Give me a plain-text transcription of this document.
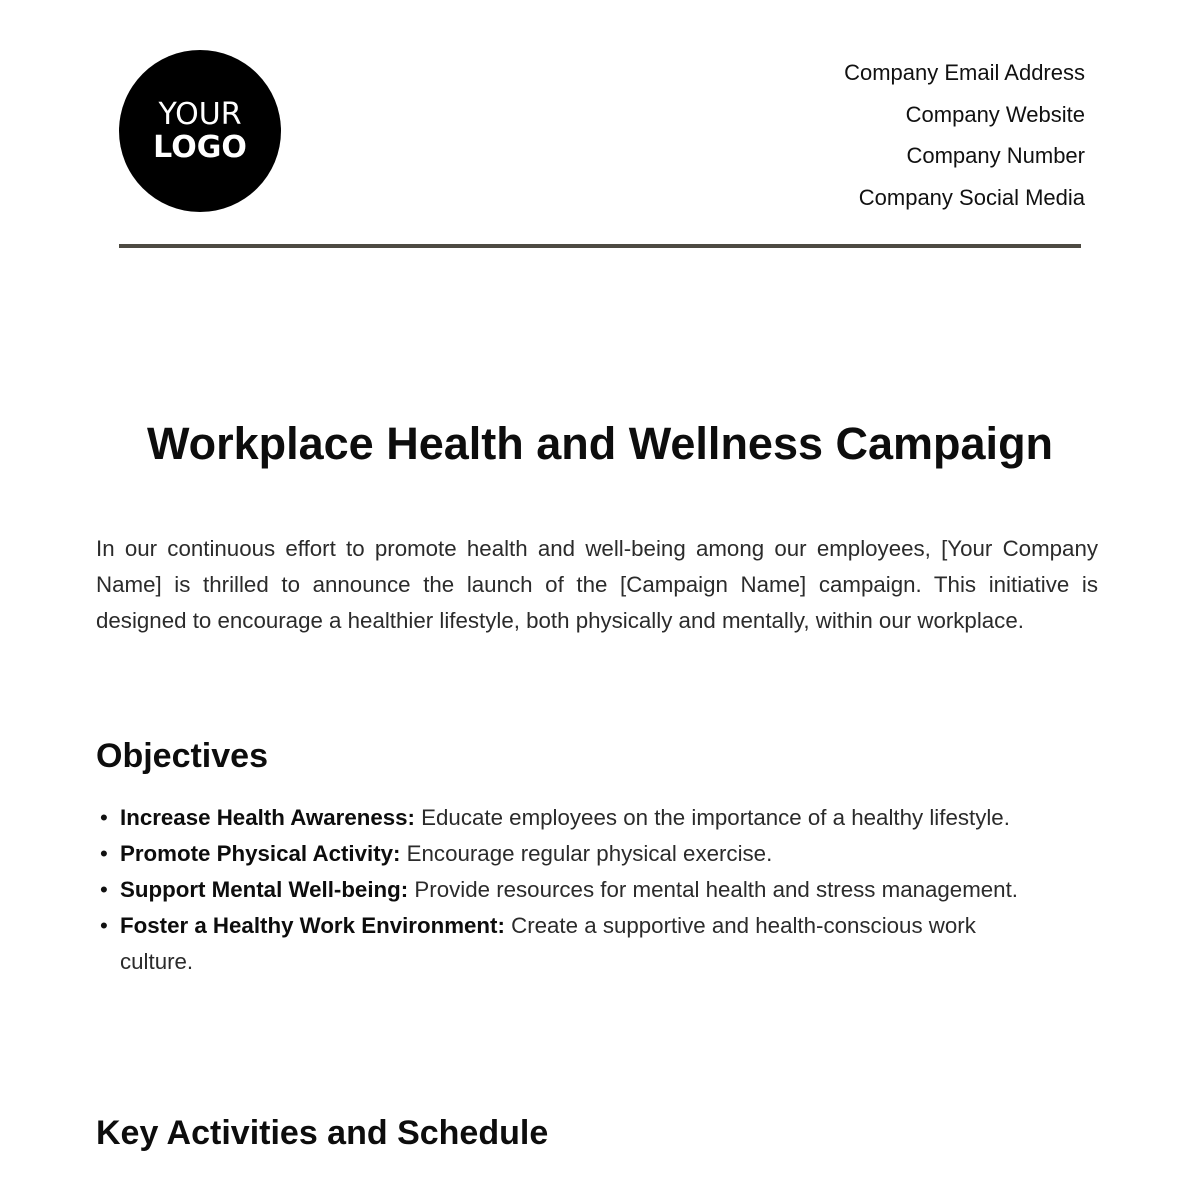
YOUR
LOGO
Company Email Address
Company Website
Company Number
Company Social Media
Workplace Health and Wellness Campaign

In our continuous effort to promote health and well-being among our employees, [Your Company Name] is thrilled to announce the launch of the [Campaign Name] campaign. This initiative is designed to encourage a healthier lifestyle, both physically and mentally, within our workplace.

Objectives
• Increase Health Awareness: Educate employees on the importance of a healthy lifestyle.
• Promote Physical Activity: Encourage regular physical exercise.
• Support Mental Well-being: Provide resources for mental health and stress management.
• Foster a Healthy Work Environment: Create a supportive and health-conscious work culture.
Key Activities and Schedule
